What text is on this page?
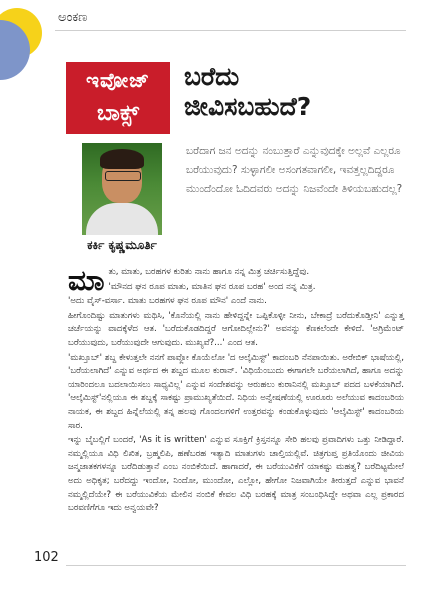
ಅಂಕಣ
ಇವೋಜ್
ಬಾಕ್ಸ್
ಬರೆದು
ಜೀವಿಸಬಹುದೆ?
ಕರ್ಕಿ ಕೃಷ್ಣಮೂರ್ತಿ
ಬರೆದಾಗ ಜನ ಅದನ್ನು ನಂಬುತ್ತಾರೆ ಎನ್ನುವುದಕ್ಕೇ ಅಲ್ಲವೆ ಎಲ್ಲರೂ ಬರೆಯುವುದು? ಸುಳ್ಳಾಗಲೀ ಅಸಂಗತವಾಗಲೀ, ಇವತ್ತಲ್ಲದಿದ್ದರೂ ಮುಂದೆಂದೋ ಓದಿದವರು ಅದನ್ನು ನಿಜವೆಂದೇ ತಿಳಿಯಬಹುದಲ್ಲ?
ಮಾ ತು, ಮಾತು, ಬರಹಗಳ ಕುರಿತು ನಾನು ಹಾಗೂ ನನ್ನ ಮಿತ್ರ ಚರ್ಚಿಸುತ್ತಿದ್ದೆವು.

'ಮೌನದ ಘನ ರೂಪ ಮಾತು, ಮಾತಿನ ಘನ ರೂಪ ಬರಹ' ಅಂದ ನನ್ನ ಮಿತ್ರ.

'ಅದು ವೈಸ್-ವರ್ಸಾ. ಮಾತು ಬರಹಗಳ ಘನ ರೂಪ ಮೌನ' ಎಂದೆ ನಾನು.

ಹೀಗೊಂದಿಷ್ಟು ಮಾತುಗಳು ಮಥಿಸಿ, 'ಕೊನೆಯಲ್ಲಿ ನಾನು ಹೇಳಿದ್ದನ್ನೇ ಒಪ್ಪಿಕೊಳ್ಳೀ ನೀನು, ಬೇಕಾದ್ರೆ ಬರೆದುಕೊಡ್ತೀನಿ' ಎನ್ನುತ್ತ ಚರ್ಚೆಯನ್ನು ವಾದಕ್ಕೆಳೆದ ಆತ. 'ಬರೆದುಕೊಡದಿದ್ದರೆ ಆಗೋದಿಲ್ಲೇನು?' ಅವನನ್ನು ಕೆಣಕಲೆಂದೇ ಕೇಳಿದೆ. 'ಅಗ್ರಿಮೆಂಟ್ ಬರೆಯುವುದು, ಬರೆಯುವುದೇ ಆಗುವುದು. ಮುಖ್ಯವೆ?...' ಎಂದ ಆತ.

'ಮಖ್ತೂಬ್' ಶಬ್ದ ಕೇಳುತ್ತಲೇ ನನಗೆ ಪಾವ್ಲೋ ಕೊಯೆಲೋ 'ದ ಆಲ್ಕೆಮಿಸ್ಟ್' ಕಾದಂಬರಿ ನೆನಪಾಯಿತು. ಅರೇಬಿಕ್ ಭಾಷೆಯಲ್ಲಿ, 'ಬರೆಯಲಾಗಿದೆ' ಎನ್ನುವ ಅರ್ಥದ ಈ ಶಬ್ದದ ಮೂಲ ಕುರಾನ್. 'ವಿಧಿಯೆಂಬುದು ಈಗಾಗಲೇ ಬರೆಯಲಾಗಿದೆ, ಹಾಗೂ ಅದನ್ನು ಯಾರಿಂದಲೂ ಬದಲಾಯಿಸಲು ಸಾಧ್ಯವಿಲ್ಲ' ಎನ್ನುವ ಸಂದೇಶವನ್ನು ಆರುಹಲು ಕುರಾನಿನಲ್ಲಿ ಮಖ್ತೂಬ್ ಪದದ ಬಳಕೆಯಾಗಿದೆ. 'ಆಲ್ಕೆಮಿಸ್ಟ್'ನಲ್ಲಿಯೂ ಈ ಶಬ್ದಕ್ಕೆ ಸಾಕಷ್ಟು ಪ್ರಾಮುಖ್ಯತೆಯಿದೆ. ನಿಧಿಯ ಅನ್ವೇಷಣೆಯಲ್ಲಿ ಊರೂರು ಅಲೆಯುವ ಕಾದಂಬರಿಯ ನಾಯಕ, ಈ ಶಬ್ದದ ಹಿನ್ನೆಲೆಯಲ್ಲಿ ತನ್ನ ಹಲವು ಗೊಂದಲಗಳಿಗೆ ಉತ್ತರವನ್ನು ಕಂಡುಕೊಳ್ಳುವುದು 'ಆಲ್ಕೆಮಿಸ್ಟ್' ಕಾದಂಬರಿಯ ಸಾರ.

ಇನ್ನು ಬೈಬಲ್ಲಿಗೆ ಬಂದರೆ, 'As it is written' ಎನ್ನುವ ಸೂಕ್ತಿಗೆ ಕ್ರಿಸ್ತನನ್ನೂ ಸೇರಿ ಹಲವು ಪ್ರವಾದಿಗಳು ಒತ್ತು ನೀಡಿದ್ದಾರೆ. ನಮ್ಮಲ್ಲಿಯೂ ವಿಧಿ ಲಿಖಿತ, ಬ್ರಹ್ಮಲಿಪಿ, ಹಣೆಬರಹ ಇತ್ಯಾದಿ ಮಾತುಗಳು ಚಾಲ್ತಿಯಲ್ಲಿವೆ. ಚಿತ್ರಗುಪ್ತ ಪ್ರತಿಯೊಂದು ಜೀವಿಯ ಜನ್ಮಜಾತಕಗಳನ್ನೂ ಬರೆದಿಡುತ್ತಾನೆ ಎಂಬ ನಂಬಿಕೆಯಿದೆ. ಹಾಗಾದರೆ, ಈ ಬರೆಯುವಿಕೆಗೆ ಯಾಕಷ್ಟು ಮಹತ್ವ? ಬರೆದಿಟ್ಟಮೇಲೆ ಅದು ಅಧಿಕೃತ; ಬರೆದದ್ದು ಇಂದೋ, ನಿಂದೋ, ಮುಂದೋ, ಎಲ್ಲೋ, ಹೇಗೋ ನಿಜವಾಗಿಯೇ ತೀರುತ್ತದೆ ಎನ್ನುವ ಭಾವನೆ ನಮ್ಮಲ್ಲಿದೆಯೇ? ಈ ಬರೆಯುವಿಕೆಯ ಮೇಲಿನ ನಂಬಿಕೆ ಕೇವಲ ವಿಧಿ ಬರಹಕ್ಕೆ ಮಾತ್ರ ಸಂಬಂಧಿಸಿದ್ದೇ ಅಥವಾ ಎಲ್ಲ ಪ್ರಕಾರದ ಬರವಣಿಗೆಗೂ ಇದು ಅನ್ವಯವೇ?

102
